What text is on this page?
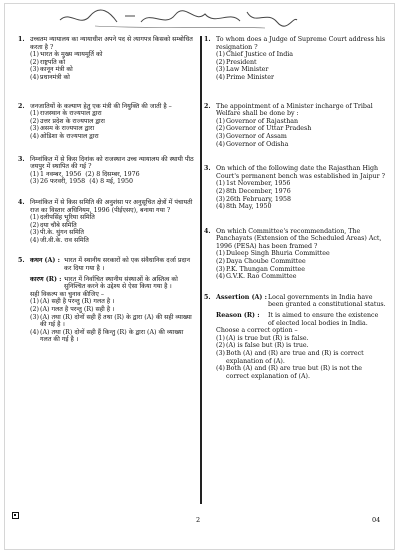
1. उच्चतम न्यायालय का न्यायाधीश अपने पद से त्यागपत्र किसको सम्बोधित करता है ?

(1) भारत के मुख्य न्यायमूर्ति को

(2) राष्ट्रपति को

(3) कानून मंत्री को

(4) प्रधानमंत्री को

2. जनजातियों के कल्याण हेतु एक मंत्री की नियुक्ति की जाती है –

(1) राजस्थान के राज्यपाल द्वारा

(2) उत्तर प्रदेश के राज्यपाल द्वारा

(3) असम के राज्यपाल द्वारा

(4) ओडिशा के राज्यपाल द्वारा

3. निम्नांकित में से किस दिनांक को राजस्थान उच्च न्यायालय की स्थायी पीठ जयपुर में स्थापित की गई ?

(1) 1 नवम्बर, 1956 (2) 8 दिसम्बर, 1976

(3) 26 फरवरी, 1958 (4) 8 मई, 1950

4. निम्नांकित में से किस समिति की अनुशंसा पर अनुसूचित क्षेत्रों में पंचायती राज का विस्तार अधिनियम, 1996 (पीईएसए), बनाया गया ?

(1) दलीपसिंह भूरिया समिति

(2) दया चौबे समिति

(3) पी.के. थुंगन समिति

(4) जी.वी.के. राव समिति

5. कथन (A) : भारत में स्थानीय सरकारों को एक संवैधानिक दर्जा प्रदान कर दिया गया है ।
कारण (R) : भारत में निर्वाचित स्थानीय संस्थाओं के अस्तित्व को सुनिश्चित करने के उद्देश्य से ऐसा किया गया है ।

सही विकल्प का चुनाव कीजिए –

(1) (A) सही है परन्तु (R) गलत है ।

(2) (A) गलत है परन्तु (R) सही है ।

(3) (A) तथा (R) दोनों सही हैं तथा (R) के द्वारा (A) की सही व्याख्या की गई है ।

(4) (A) तथा (R) दोनों सही हैं किन्तु (R) के द्वारा (A) की व्याख्या गलत की गई है ।

1. To whom does a Judge of Supreme Court address his resignation ?

(1) Chief Justice of India

(2) President

(3) Law Minister

(4) Prime Minister

2. The appointment of a Minister incharge of Tribal Welfare shall be done by :

(1) Governor of Rajasthan

(2) Governor of Uttar Pradesh

(3) Governor of Assam

(4) Governor of Odisha

3. On which of the following date the Rajasthan High Court's permanent bench was established in Jaipur ?

(1) 1st November, 1956

(2) 8th December, 1976

(3) 26th February, 1958

(4) 8th May, 1950

4. On which Committee's recommendation, The Panchayats (Extension of the Scheduled Areas) Act, 1996 (PESA) has been framed ?

(1) Duleep Singh Bhuria Committee

(2) Daya Choube Committee

(3) P.K. Thungan Committee

(4) G.V.K. Rao Committee

5. Assertion (A) : Local governments in India have been granted a constitutional status.
Reason (R) :	It is aimed to ensure the existence of elected local bodies in India.

Choose a correct option –

(1) (A) is true but (R) is false.

(2) (A) is false but (R) is true.

(3) Both (A) and (R) are true and (R) is correct explanation of (A).

(4) Both (A) and (R) are true but (R) is not the correct explanation of (A).

2	04
